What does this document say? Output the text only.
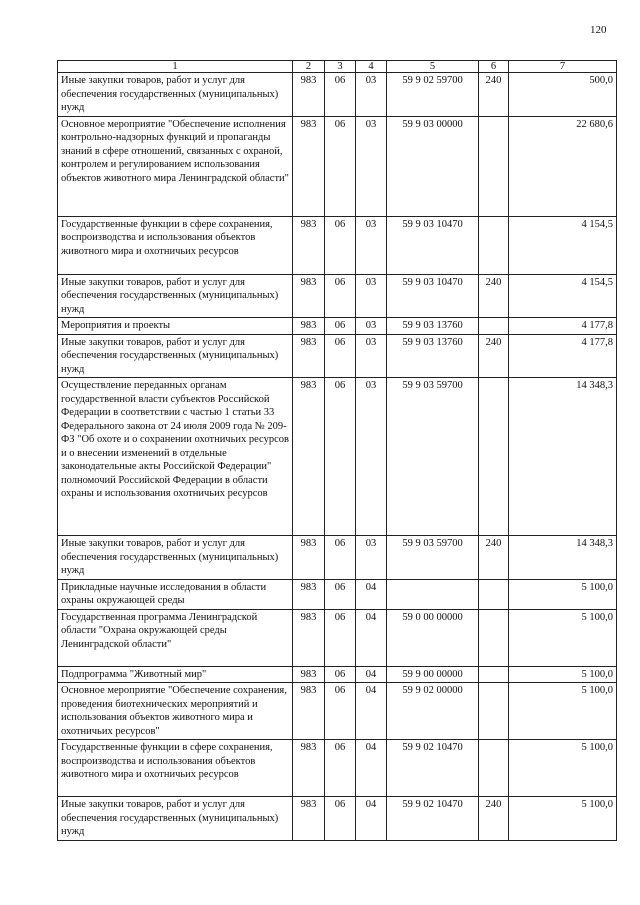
120
1	2	3	4	5	6	7
Иные закупки товаров, работ и услуг для обеспечения государственных (муниципальных) нужд	983	06	03	59 9 02 59700	240	500,0
Основное мероприятие "Обеспечение исполнения контрольно-надзорных функций и пропаганды знаний в сфере отношений, связанных с охраной, контролем и регулированием использования объектов животного мира Ленинградской области"	983	06	03	59 9 03 00000		22 680,6
Государственные функции в сфере сохранения, воспроизводства и использования объектов животного мира и охотничьих ресурсов	983	06	03	59 9 03 10470		4 154,5
Иные закупки товаров, работ и услуг для обеспечения государственных (муниципальных) нужд	983	06	03	59 9 03 10470	240	4 154,5
Мероприятия и проекты	983	06	03	59 9 03 13760		4 177,8
Иные закупки товаров, работ и услуг для обеспечения государственных (муниципальных) нужд	983	06	03	59 9 03 13760	240	4 177,8
Осуществление переданных органам государственной власти субъектов Российской Федерации в соответствии с частью 1 статьи 33 Федерального закона от 24 июля 2009 года № 209-ФЗ "Об охоте и о сохранении охотничьих ресурсов и о внесении изменений в отдельные законодательные акты Российской Федерации" полномочий Российской Федерации в области охраны и использования охотничьих ресурсов	983	06	03	59 9 03 59700		14 348,3
Иные закупки товаров, работ и услуг для обеспечения государственных (муниципальных) нужд	983	06	03	59 9 03 59700	240	14 348,3
Прикладные научные исследования в области охраны окружающей среды	983	06	04			5 100,0
Государственная программа Ленинградской области "Охрана окружающей среды Ленинградской области"	983	06	04	59 0 00 00000		5 100,0
Подпрограмма "Животный мир"	983	06	04	59 9 00 00000		5 100,0
Основное мероприятие "Обеспечение сохранения, проведения биотехнических мероприятий и использования объектов животного мира и охотничьих ресурсов"	983	06	04	59 9 02 00000		5 100,0
Государственные функции в сфере сохранения, воспроизводства и использования объектов животного мира и охотничьих ресурсов	983	06	04	59 9 02 10470		5 100,0
Иные закупки товаров, работ и услуг для обеспечения государственных (муниципальных) нужд	983	06	04	59 9 02 10470	240	5 100,0
